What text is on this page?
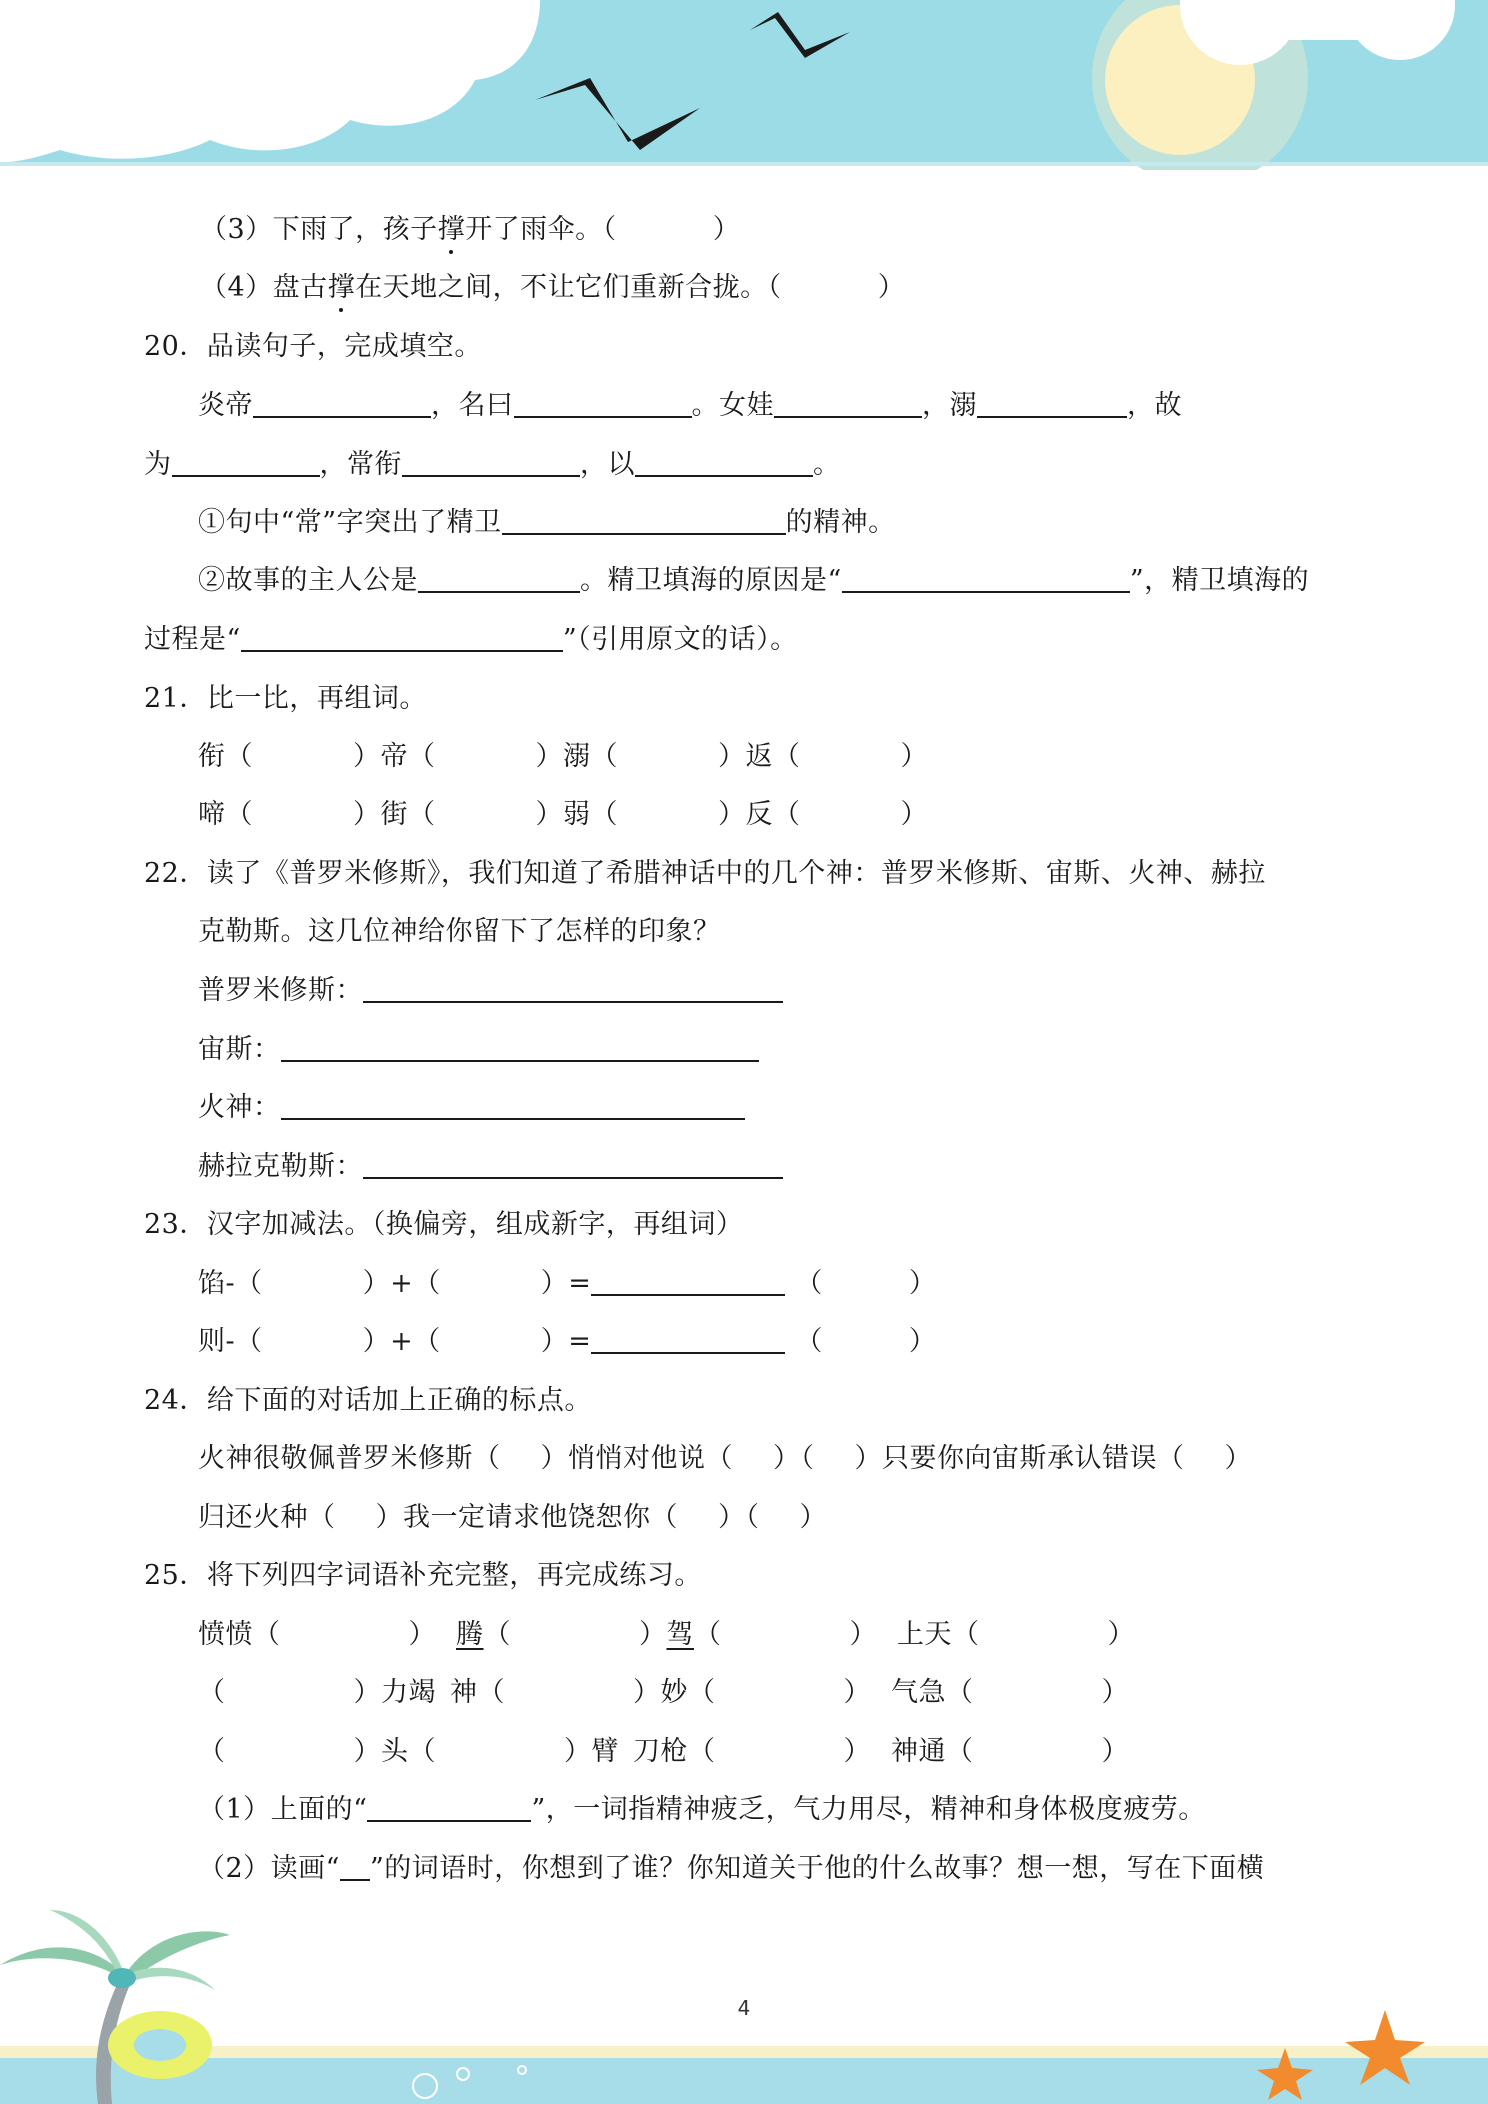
（3）下雨了，孩子撑开了雨伞。（	）
（4）盘古撑在天地之间，不让它们重新合拢。（	）
20．品读句子，完成填空。
炎帝	，名曰	。女娃	，溺	，故
为	，常衔	，以	。
①句中“常”字突出了精卫	的精神。
②故事的主人公是	。精卫填海的原因是“	”，精卫填海的
过程是“	”（引用原文的话）。
21．比一比，再组词。
衔（	）帝（	）溺（	）返（	）
啼（	）街（	）弱（	）反（	）
22．读了《普罗米修斯》，我们知道了希腊神话中的几个神：普罗米修斯、宙斯、火神、赫拉
克勒斯。这几位神给你留下了怎样的印象？
普罗米修斯：
宙斯：
火神：
赫拉克勒斯：
23．汉字加减法。（换偏旁，组成新字，再组词）
馅-（	）+（	）=	（	）
则-（	）+（	）=	（	）
24．给下面的对话加上正确的标点。
火神很敬佩普罗米修斯（ ）悄悄对他说（ ）（ ）只要你向宙斯承认错误（ ）
归还火种（ ）我一定请求他饶恕你（ ）（ ）
25．将下列四字词语补充完整，再完成练习。
愤愤（	） 腾（	）驾（	） 上天（	）
（	）力竭 神（	）妙（	） 气急（	）
（	）头（	）臂 刀枪（	） 神通（	）
（1）上面的“	”，一词指精神疲乏，气力用尽，精神和身体极度疲劳。
（2）读画“ ”的词语时，你想到了谁？你知道关于他的什么故事？想一想，写在下面横
4
